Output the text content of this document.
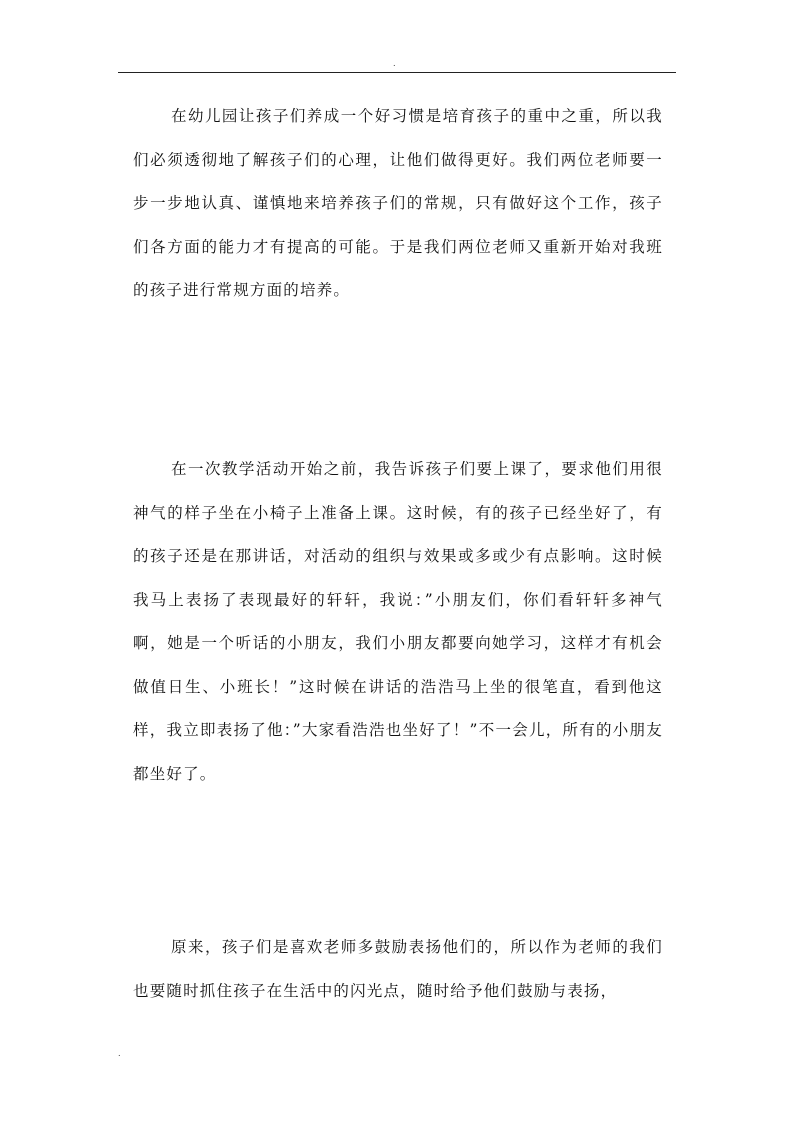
.

在幼儿园让孩子们养成一个好习惯是培育孩子的重中之重，所以我们必须透彻地了解孩子们的心理，让他们做得更好。我们两位老师要一步一步地认真、谨慎地来培养孩子们的常规，只有做好这个工作，孩子们各方面的能力才有提高的可能。于是我们两位老师又重新开始对我班的孩子进行常规方面的培养。

在一次教学活动开始之前，我告诉孩子们要上课了，要求他们用很神气的样子坐在小椅子上准备上课。这时候，有的孩子已经坐好了，有的孩子还是在那讲话，对活动的组织与效果或多或少有点影响。这时候我马上表扬了表现最好的轩轩，我说：”小朋友们，你们看轩轩多神气啊，她是一个听话的小朋友，我们小朋友都要向她学习，这样才有机会做值日生、小班长！”这时候在讲话的浩浩马上坐的很笔直，看到他这样，我立即表扬了他：”大家看浩浩也坐好了！”不一会儿，所有的小朋友都坐好了。

原来，孩子们是喜欢老师多鼓励表扬他们的，所以作为老师的我们也要随时抓住孩子在生活中的闪光点，随时给予他们鼓励与表扬，

.
